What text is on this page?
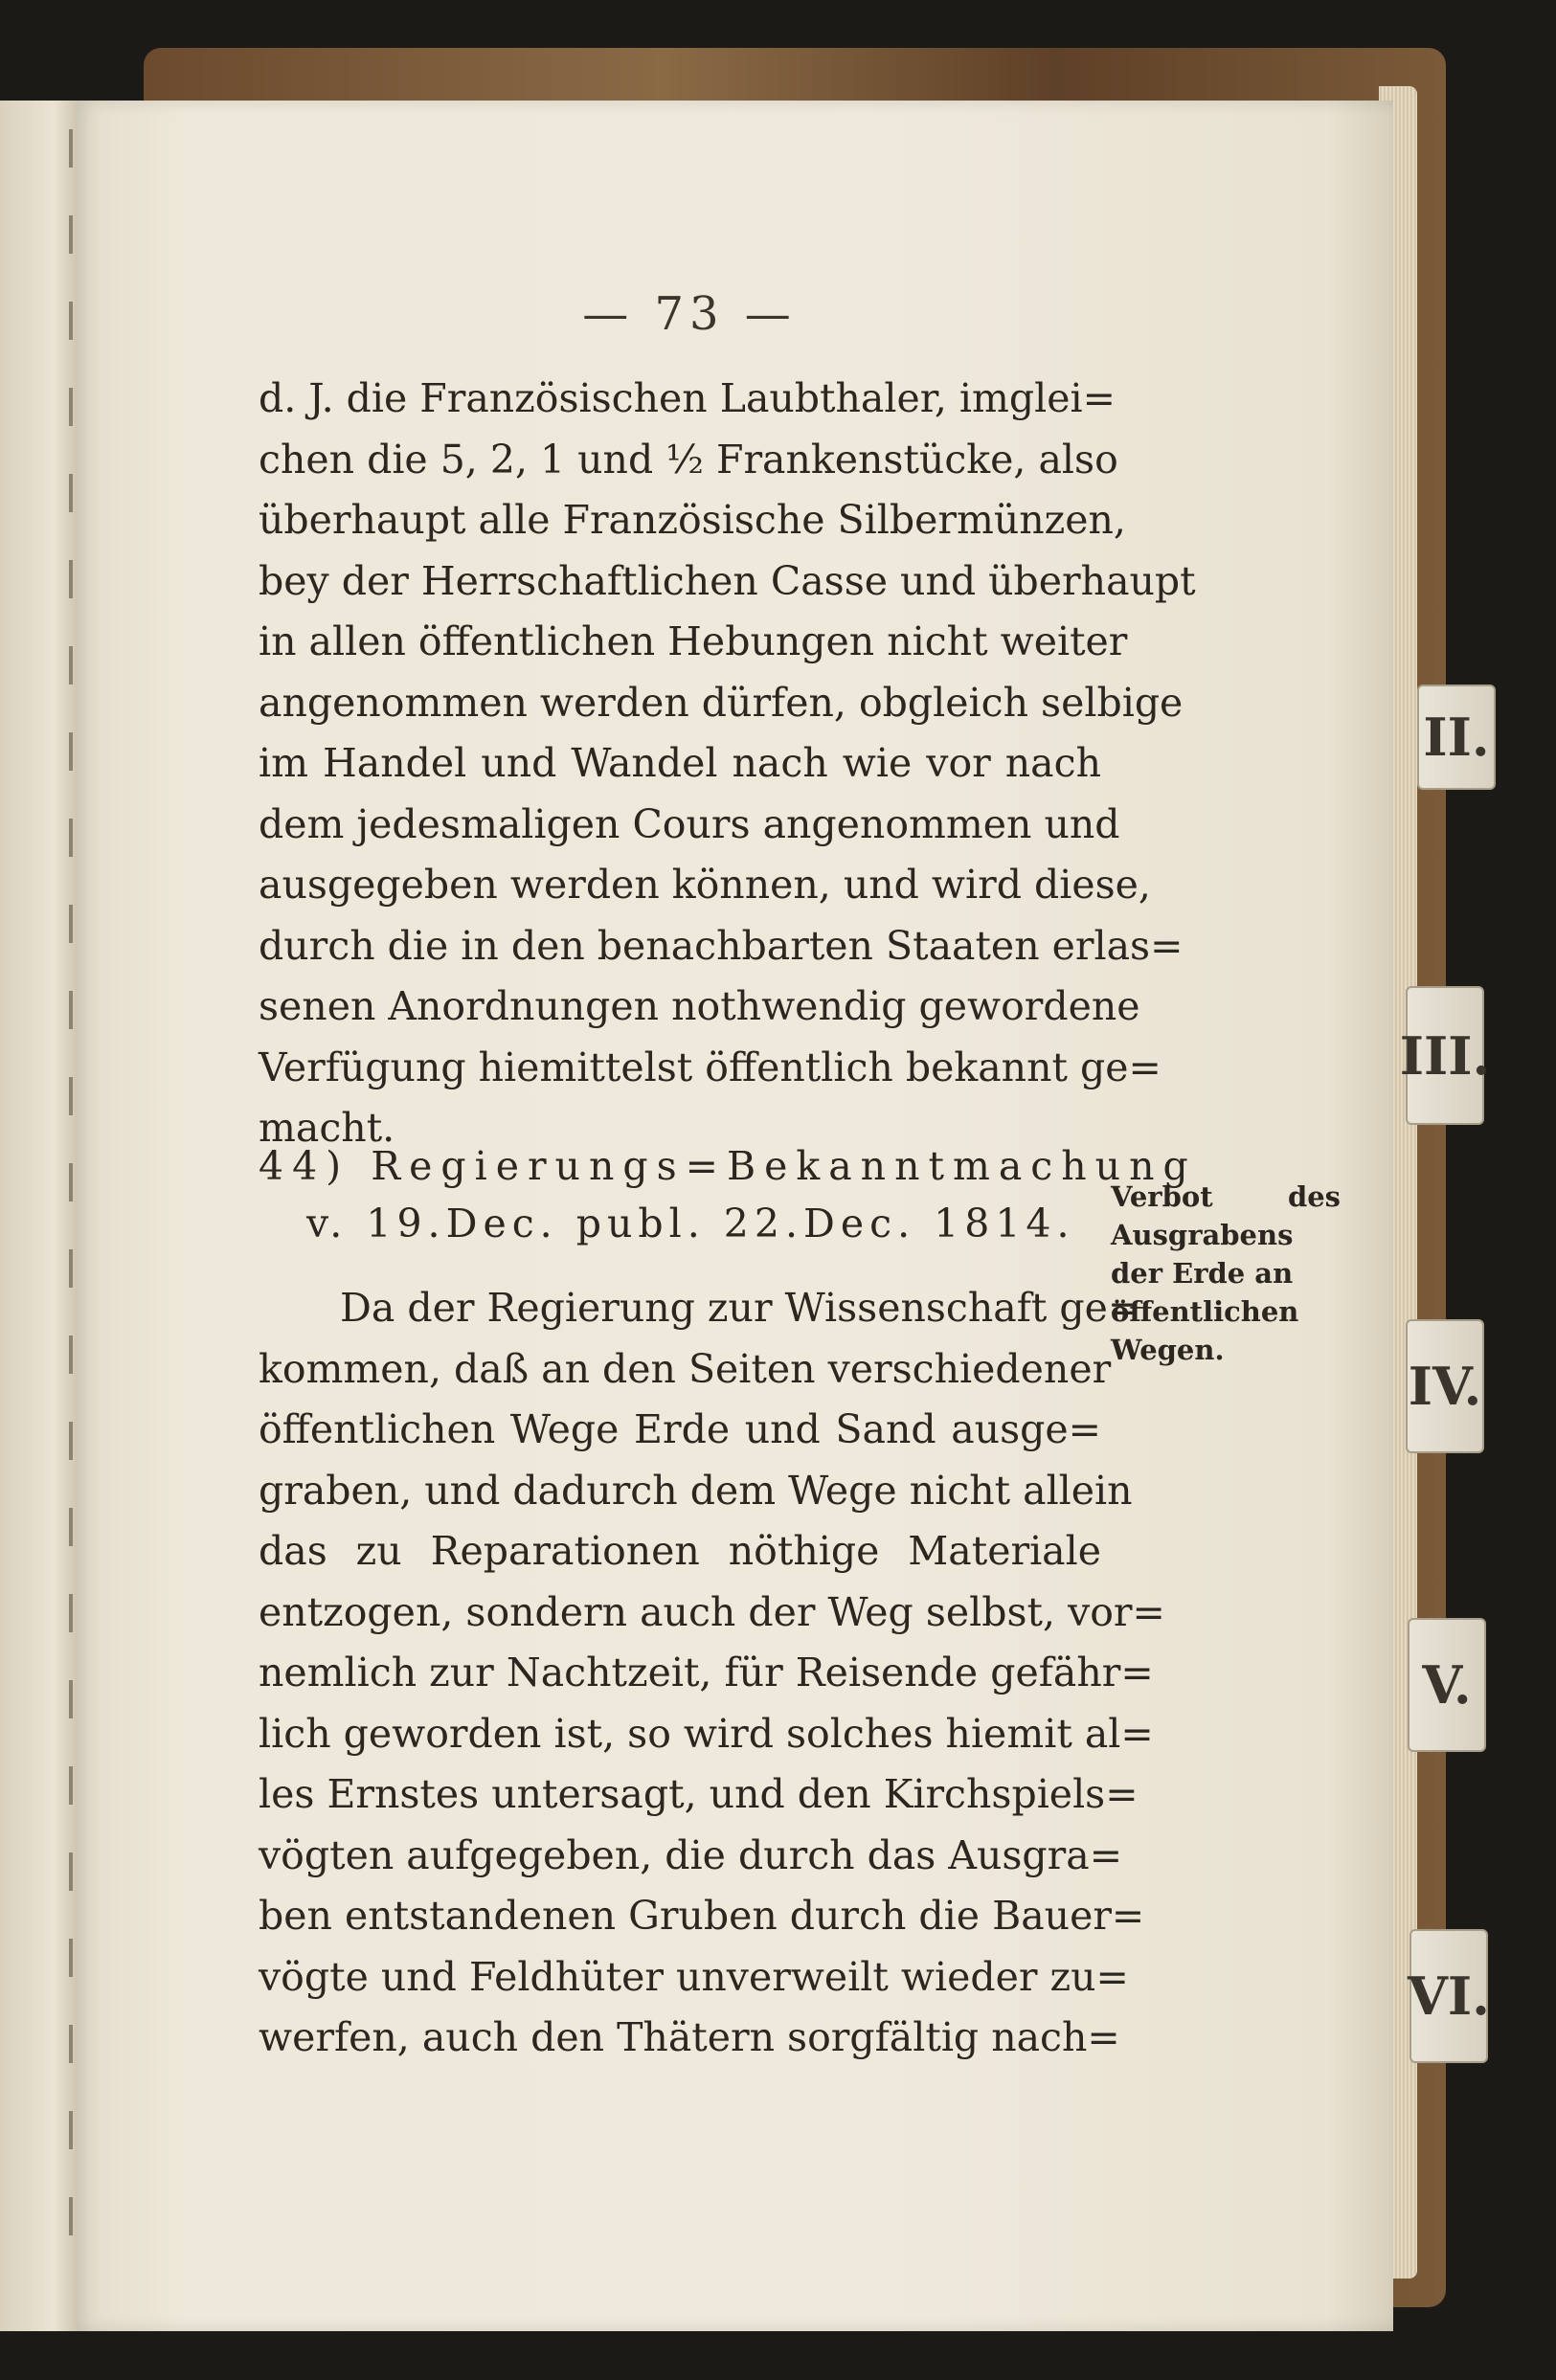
II.
III.
IV.
V.
VI.
— 73 —
d. J. die Französischen Laubthaler, imglei=
chen die 5, 2, 1 und ½ Frankenstücke, also
überhaupt alle Französische Silbermünzen,
bey der Herrschaftlichen Casse und überhaupt
in allen öffentlichen Hebungen nicht weiter
angenommen werden dürfen, obgleich selbige
im Handel und Wandel nach wie vor nach
dem jedesmaligen Cours angenommen und
ausgegeben werden können, und wird diese,
durch die in den benachbarten Staaten erlas=
senen Anordnungen nothwendig gewordene
Verfügung hiemittelst öffentlich bekannt ge=
macht.
44) Regierungs=Bekanntmachung
v. 19.Dec. publ. 22.Dec. 1814.
Verbot	des
Ausgrabens
der Erde an
öffentlichen
Wegen.
Da der Regierung zur Wissenschaft ge=
kommen, daß an den Seiten verschiedener
öffentlichen Wege Erde und Sand ausge=
graben, und dadurch dem Wege nicht allein
das zu Reparationen nöthige Materiale
entzogen, sondern auch der Weg selbst, vor=
nemlich zur Nachtzeit, für Reisende gefähr=
lich geworden ist, so wird solches hiemit al=
les Ernstes untersagt, und den Kirchspiels=
vögten aufgegeben, die durch das Ausgra=
ben entstandenen Gruben durch die Bauer=
vögte und Feldhüter unverweilt wieder zu=
werfen, auch den Thätern sorgfältig nach=
